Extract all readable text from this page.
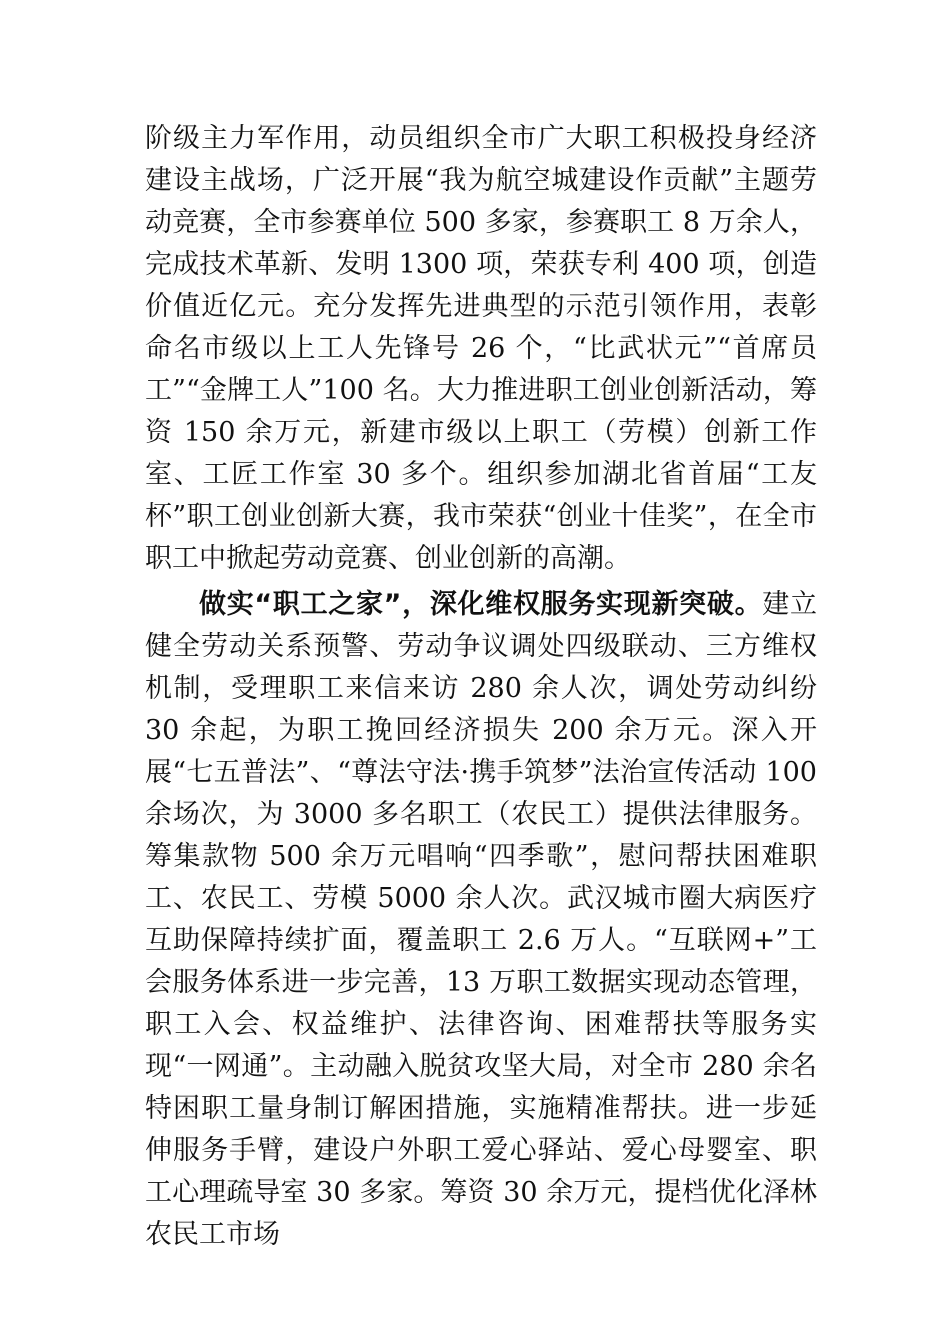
阶级主力军作用，动员组织全市广大职工积极投身经济建设主战场，广泛开展“我为航空城建设作贡献”主题劳动竞赛，全市参赛单位 500 多家，参赛职工 8 万余人，完成技术革新、发明 1300 项，荣获专利 400 项，创造价值近亿元。充分发挥先进典型的示范引领作用，表彰命名市级以上工人先锋号 26 个，“比武状元”“首席员工”“金牌工人”100 名。大力推进职工创业创新活动，筹资 150 余万元，新建市级以上职工（劳模）创新工作室、工匠工作室 30 多个。组织参加湖北省首届“工友杯”职工创业创新大赛，我市荣获“创业十佳奖”，在全市职工中掀起劳动竞赛、创业创新的高潮。

做实“职工之家”，深化维权服务实现新突破。建立健全劳动关系预警、劳动争议调处四级联动、三方维权机制，受理职工来信来访 280 余人次，调处劳动纠纷 30 余起，为职工挽回经济损失 200 余万元。深入开展“七五普法”、“尊法守法·携手筑梦”法治宣传活动 100 余场次，为 3000 多名职工（农民工）提供法律服务。筹集款物 500 余万元唱响“四季歌”，慰问帮扶困难职工、农民工、劳模 5000 余人次。武汉城市圈大病医疗互助保障持续扩面，覆盖职工 2.6 万人。“互联网+”工会服务体系进一步完善，13 万职工数据实现动态管理，职工入会、权益维护、法律咨询、困难帮扶等服务实现“一网通”。主动融入脱贫攻坚大局，对全市 280 余名特困职工量身制订解困措施，实施精准帮扶。进一步延伸服务手臂，建设户外职工爱心驿站、爱心母婴室、职工心理疏导室 30 多家。筹资 30 余万元，提档优化泽林农民工市场
